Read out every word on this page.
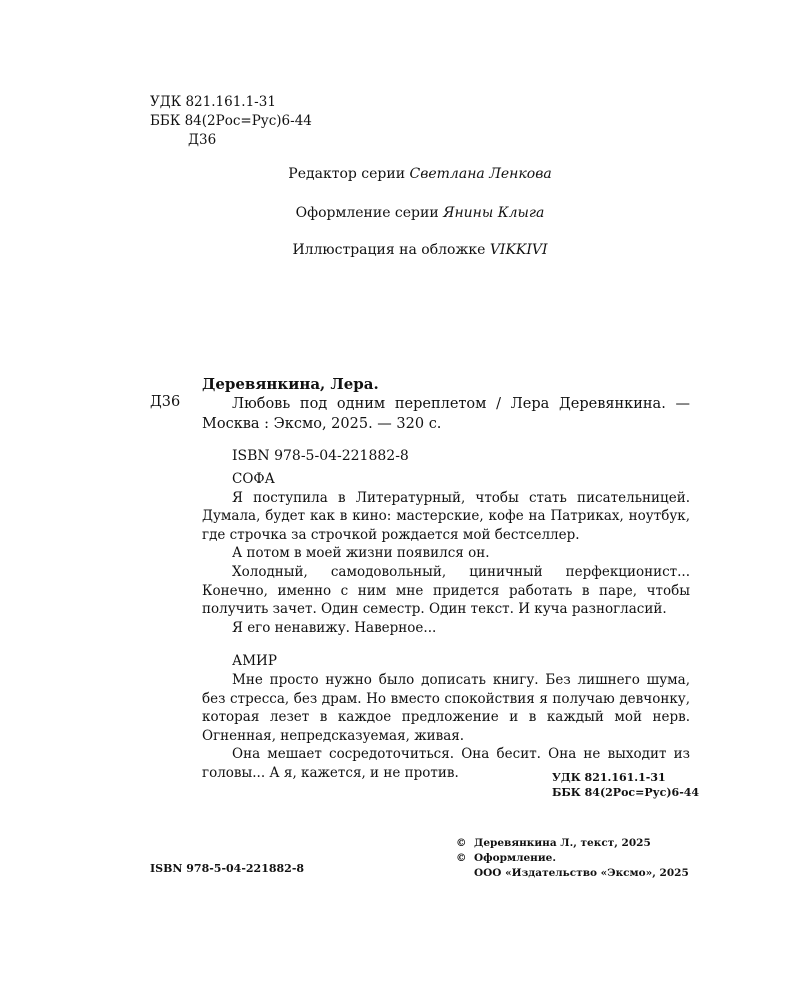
УДК 821.161.1-31
ББК 84(2Рос=Рус)6-44
Д36
Редактор серии Светлана Ленкова
Оформление серии Янины Клыга
Иллюстрация на обложке VIKKIVI
Деревянкина, Лера.
Д36	Любовь под одним переплетом / Лера Деревянкина. — Москва : Эксмо, 2025. — 320 с.

ISBN 978-5-04-221882-8

СОФА

Я поступила в Литературный, чтобы стать писательницей. Думала, будет как в кино: мастерские, кофе на Патриках, ноутбук, где строчка за строчкой рождается мой бестселлер.

А потом в моей жизни появился он.

Холодный, самодовольный, циничный перфекционист... Конечно, именно с ним мне придется работать в паре, чтобы получить зачет. Один семестр. Один текст. И куча разногласий.

Я его ненавижу. Наверное...

АМИР

Мне просто нужно было дописать книгу. Без лишнего шума, без стресса, без драм. Но вместо спокойствия я получаю девчонку, которая лезет в каждое предложение и в каждый мой нерв. Огненная, непредсказуемая, живая.

Она мешает сосредоточиться. Она бесит. Она не выходит из головы... А я, кажется, и не против.	УДК 821.161.1-31
ББК 84(2Рос=Рус)6-44
ISBN 978-5-04-221882-8
© Деревянкина Л., текст, 2025
© Оформление.
ООО «Издательство «Эксмо», 2025
